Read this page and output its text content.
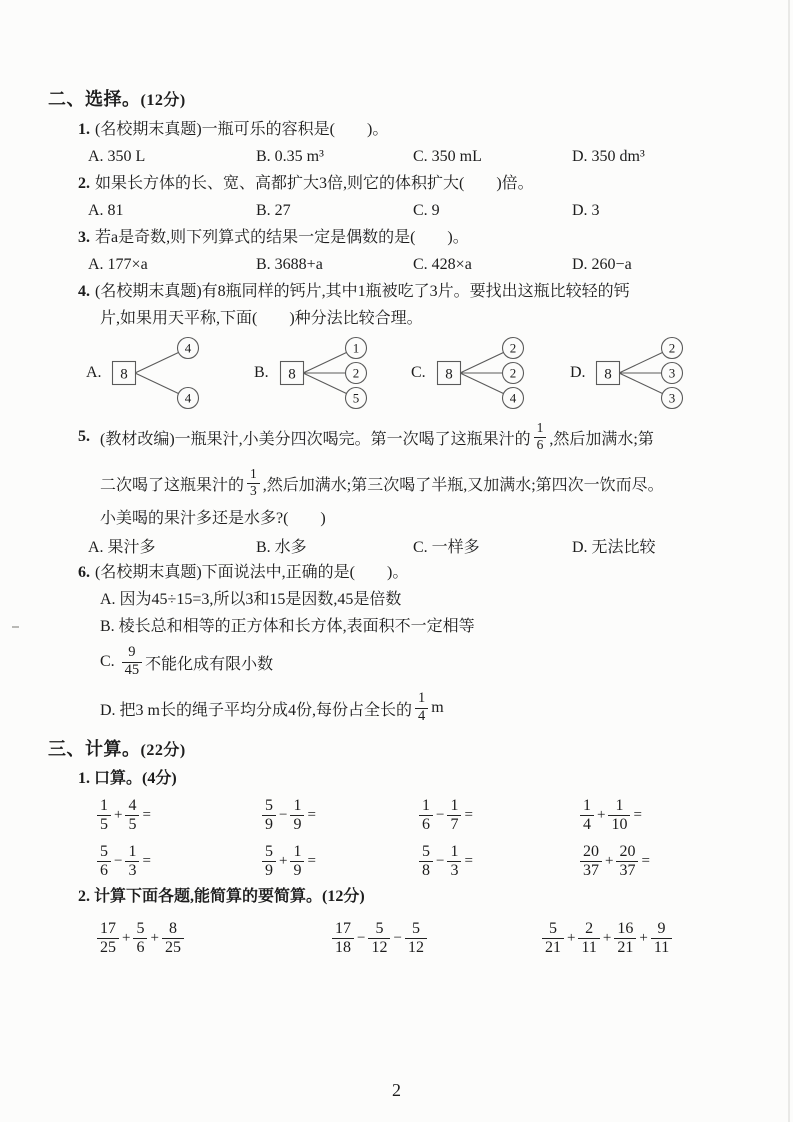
二、选择。(12分)
1. (名校期末真题)一瓶可乐的容积是(　　)。
A. 350 L	B. 0.35 m³	C. 350 mL	D. 350 dm³
2. 如果长方体的长、宽、高都扩大3倍,则它的体积扩大(　　)倍。
A. 81	B. 27	C. 9	D. 3
3. 若a是奇数,则下列算式的结果一定是偶数的是(　　)。
A. 177×a	B. 3688+a	C. 428×a	D. 260−a
4. (名校期末真题)有8瓶同样的钙片,其中1瓶被吃了3片。要找出这瓶比较轻的钙
片,如果用天平称,下面(　　)种分法比较合理。
A.	8
4
4
B.	8
1
2
5
C.	8
2
2
4
D.	8
2
3
3
5. (教材改编)一瓶果汁,小美分四次喝完。第一次喝了这瓶果汁的 $\frac{1}{6}$ ,然后加满水;第
二次喝了这瓶果汁的 $\frac{1}{3}$ ,然后加满水;第三次喝了半瓶,又加满水;第四次一饮而尽。
小美喝的果汁多还是水多?(　　)
A. 果汁多	B. 水多	C. 一样多	D. 无法比较
6. (名校期末真题)下面说法中,正确的是(　　)。
A. 因为45÷15=3,所以3和15是因数,45是倍数
B. 棱长总和相等的正方体和长方体,表面积不一定相等
C. $\frac{9}{45}$ 不能化成有限小数
D. 把3 m长的绳子平均分成4份,每份占全长的 $\frac{1}{4}$ m
三、计算。(22分)
1. 口算。(4分)
$\frac{1}{5} + \frac{4}{5}$ =	$\frac{5}{9} - \frac{1}{9}$ =	$\frac{1}{6} - \frac{1}{7}$ =	$\frac{1}{4} + \frac{1}{10}$ =
$\frac{5}{6} - \frac{1}{3}$ =	$\frac{5}{9} + \frac{1}{9}$ =	$\frac{5}{8} - \frac{1}{3}$ =	$\frac{20}{37} + \frac{20}{37}$ =
2. 计算下面各题,能简算的要简算。(12分)
$\frac{17}{25} + \frac{5}{6} + \frac{8}{25}$	$\frac{17}{18} - \frac{5}{12} - \frac{5}{12}$	$\frac{5}{21} + \frac{2}{11} + \frac{16}{21} + \frac{9}{11}$
2
